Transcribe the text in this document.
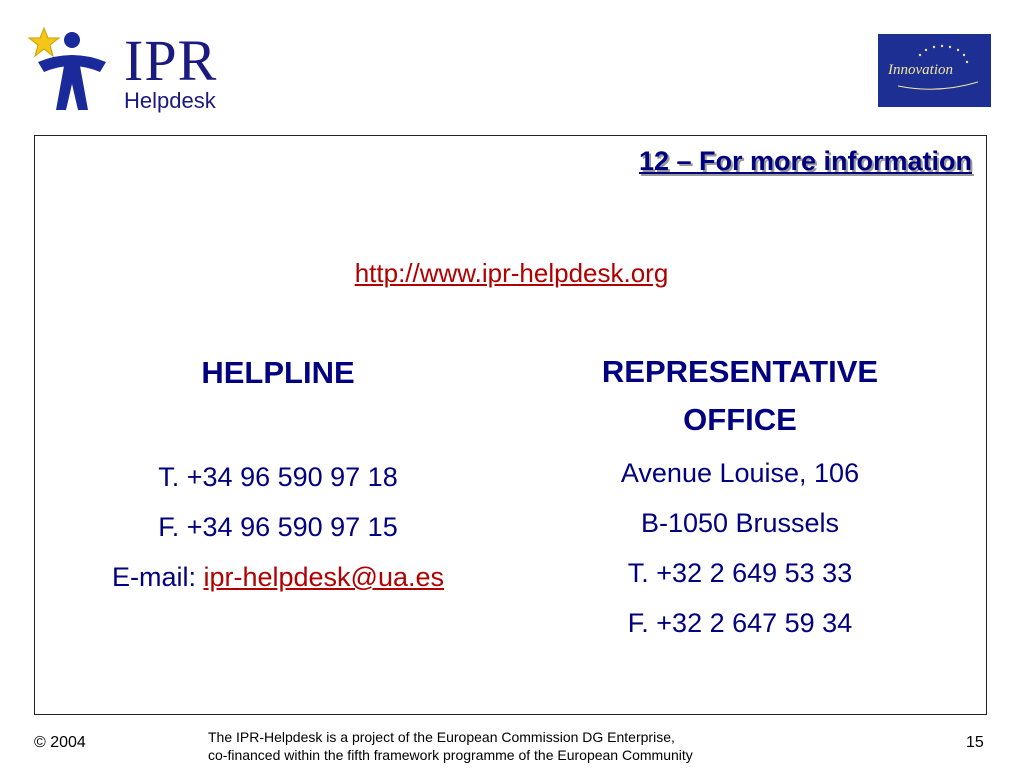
IPR
Helpdesk
Innovation
12 – For more information
http://www.ipr-helpdesk.org
HELPLINE
T. +34 96 590 97 18
F. +34 96 590 97 15
E-mail: ipr-helpdesk@ua.es
REPRESENTATIVE OFFICE
Avenue Louise, 106
B-1050 Brussels
T. +32 2 649 53 33
F. +32 2 647 59 34
© 2004	The IPR-Helpdesk is a project of the European Commission DG Enterprise,
co-financed within the fifth framework programme of the European Community
15
